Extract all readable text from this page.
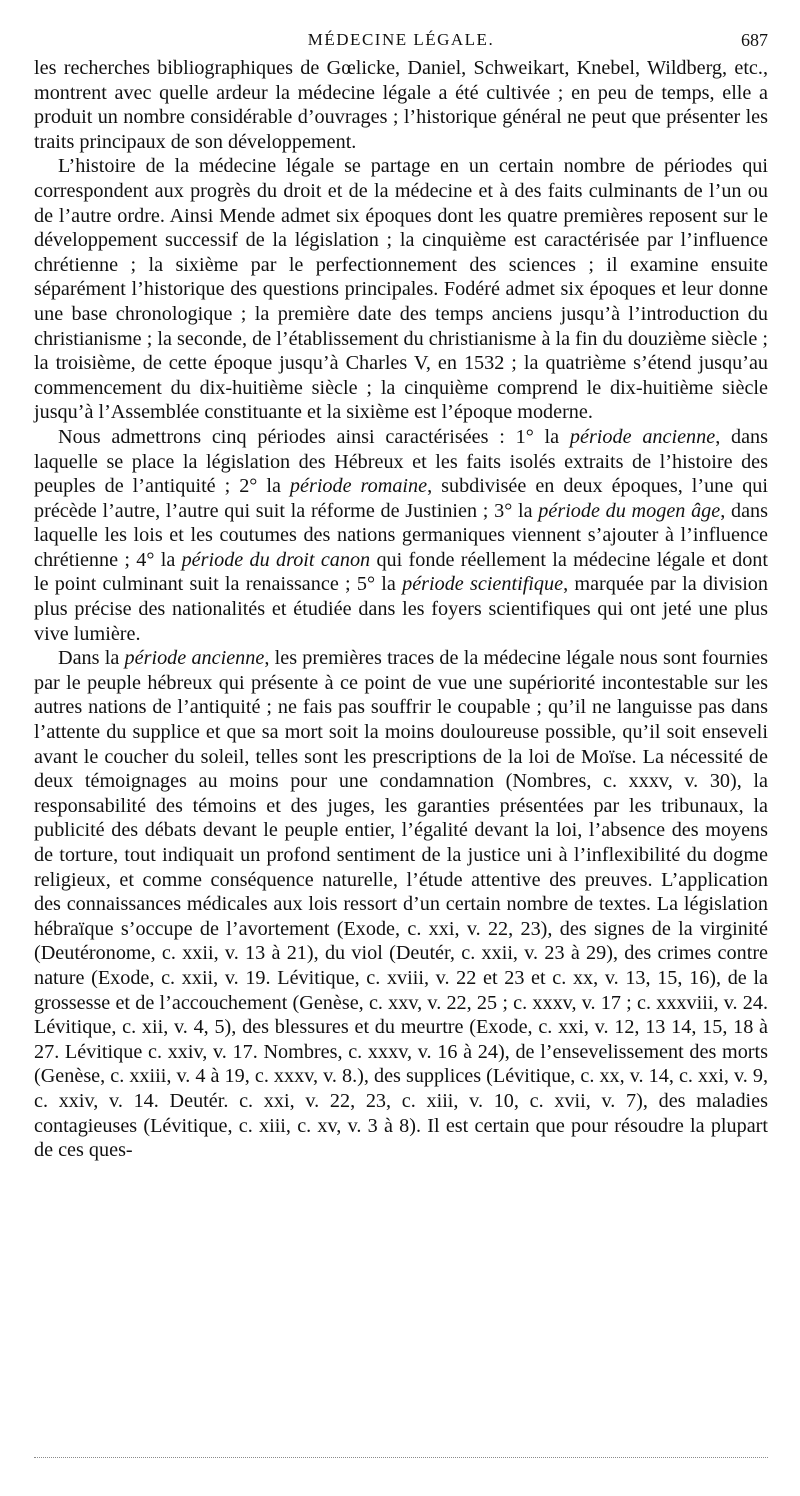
MÉDECINE LÉGALE.	687

les recherches bibliographiques de Gœlicke, Daniel, Schweikart, Knebel, Wildberg, etc., montrent avec quelle ardeur la médecine légale a été cultivée ; en peu de temps, elle a produit un nombre considérable d’ouvrages ; l’historique général ne peut que présenter les traits principaux de son développement.

L’histoire de la médecine légale se partage en un certain nombre de périodes qui correspondent aux progrès du droit et de la médecine et à des faits culminants de l’un ou de l’autre ordre. Ainsi Mende admet six époques dont les quatre premières reposent sur le développement successif de la législation ; la cinquième est caractérisée par l’influence chrétienne ; la sixième par le perfectionnement des sciences ; il examine ensuite séparément l’historique des questions principales. Fodéré admet six époques et leur donne une base chronologique ; la première date des temps anciens jusqu’à l’introduction du christianisme ; la seconde, de l’établissement du christianisme à la fin du douzième siècle ; la troisième, de cette époque jusqu’à Charles V, en 1532 ; la quatrième s’étend jusqu’au commencement du dix-huitième siècle ; la cinquième comprend le dix-huitième siècle jusqu’à l’Assemblée constituante et la sixième est l’époque moderne.

Nous admettrons cinq périodes ainsi caractérisées : 1° la période ancienne, dans laquelle se place la législation des Hébreux et les faits isolés extraits de l’histoire des peuples de l’antiquité ; 2° la période romaine, subdivisée en deux époques, l’une qui précède l’autre, l’autre qui suit la réforme de Justinien ; 3° la période du mogen âge, dans laquelle les lois et les coutumes des nations germaniques viennent s’ajouter à l’influence chrétienne ; 4° la période du droit canon qui fonde réellement la médecine légale et dont le point culminant suit la renaissance ; 5° la période scientifique, marquée par la division plus précise des nationalités et étudiée dans les foyers scientifiques qui ont jeté une plus vive lumière.

Dans la période ancienne, les premières traces de la médecine légale nous sont fournies par le peuple hébreux qui présente à ce point de vue une supériorité incontestable sur les autres nations de l’antiquité ; ne fais pas souffrir le coupable ; qu’il ne languisse pas dans l’attente du supplice et que sa mort soit la moins douloureuse possible, qu’il soit enseveli avant le coucher du soleil, telles sont les prescriptions de la loi de Moïse. La nécessité de deux témoignages au moins pour une condamnation (Nombres, c. xxxv, v. 30), la responsabilité des témoins et des juges, les garanties présentées par les tribunaux, la publicité des débats devant le peuple entier, l’égalité devant la loi, l’absence des moyens de torture, tout indiquait un profond sentiment de la justice uni à l’inflexibilité du dogme religieux, et comme conséquence naturelle, l’étude attentive des preuves. L’application des connaissances médicales aux lois ressort d’un certain nombre de textes. La législation hébraïque s’occupe de l’avortement (Exode, c. xxi, v. 22, 23), des signes de la virginité (Deutéronome, c. xxii, v. 13 à 21), du viol (Deutér, c. xxii, v. 23 à 29), des crimes contre nature (Exode, c. xxii, v. 19. Lévitique, c. xviii, v. 22 et 23 et c. xx, v. 13, 15, 16), de la grossesse et de l’accouchement (Genèse, c. xxv, v. 22, 25 ; c. xxxv, v. 17 ; c. xxxviii, v. 24. Lévitique, c. xii, v. 4, 5), des blessures et du meurtre (Exode, c. xxi, v. 12, 13 14, 15, 18 à 27. Lévitique c. xxiv, v. 17. Nombres, c. xxxv, v. 16 à 24), de l’ensevelissement des morts (Genèse, c. xxiii, v. 4 à 19, c. xxxv, v. 8.), des supplices (Lévitique, c. xx, v. 14, c. xxi, v. 9, c. xxiv, v. 14. Deutér. c. xxi, v. 22, 23, c. xiii, v. 10, c. xvii, v. 7), des maladies contagieuses (Lévitique, c. xiii, c. xv, v. 3 à 8). Il est certain que pour résoudre la plupart de ces ques-
